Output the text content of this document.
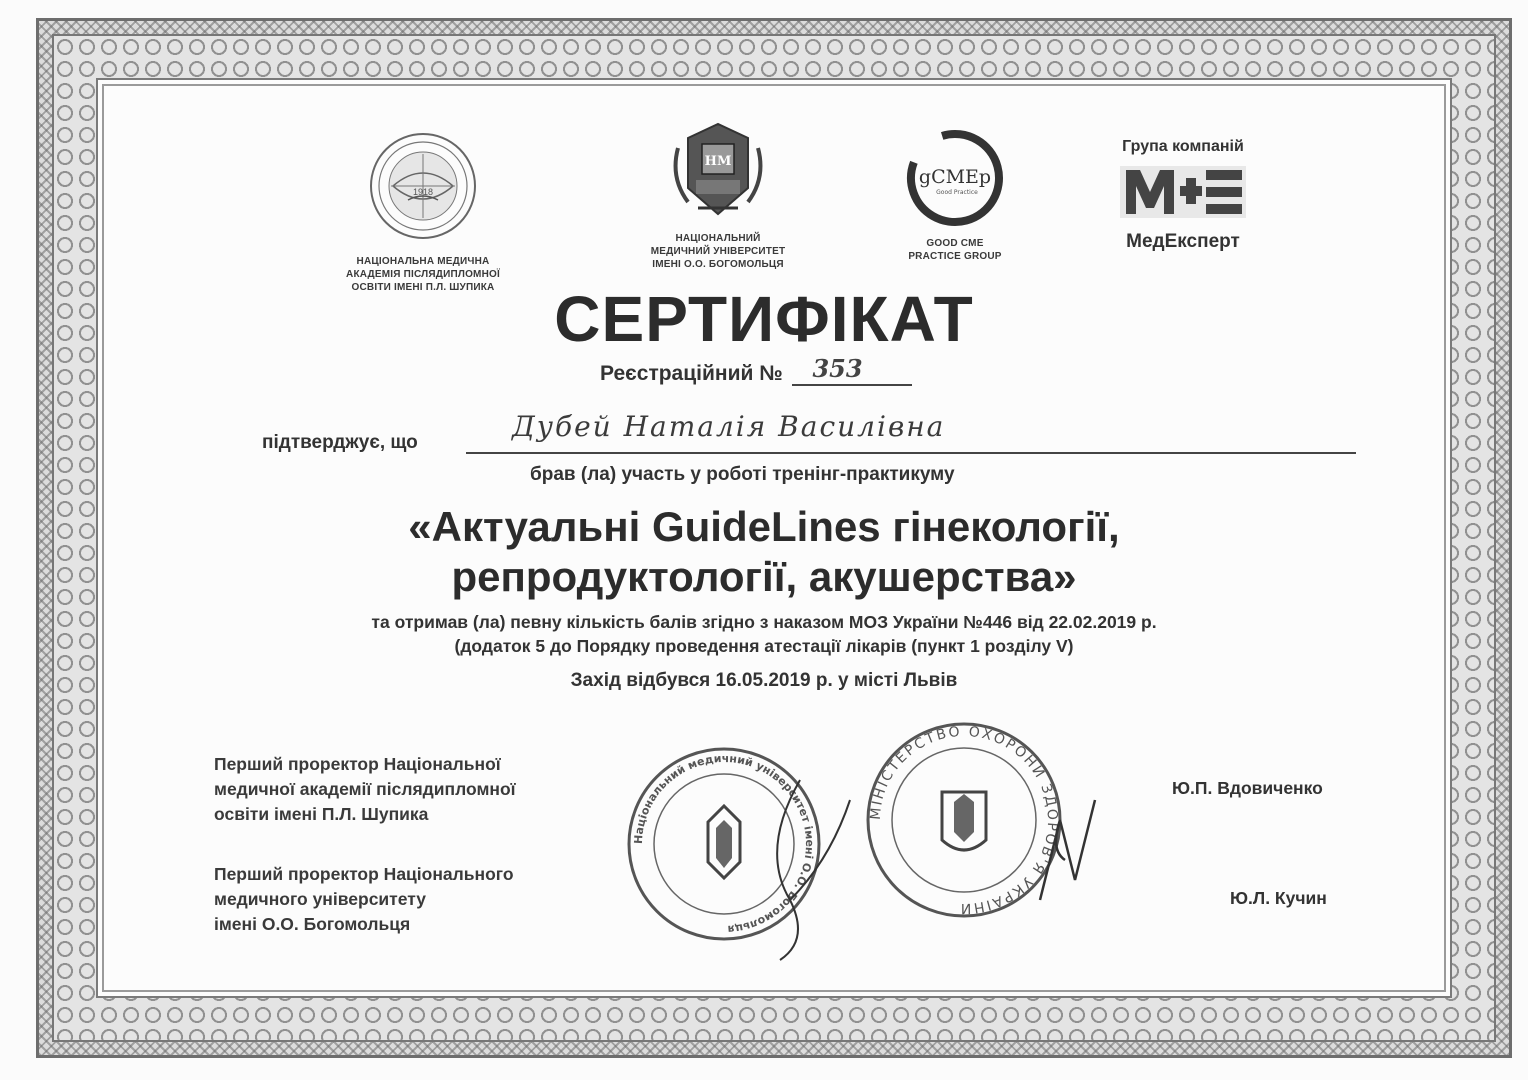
1918
НАЦІОНАЛЬНА МЕДИЧНА
АКАДЕМІЯ ПІСЛЯДИПЛОМНОЇ
ОСВІТИ ІМЕНІ П.Л. ШУПИКА
НМ
НАЦІОНАЛЬНИЙ
МЕДИЧНИЙ УНІВЕРСИТЕТ
ІМЕНІ О.О. БОГОМОЛЬЦЯ
gCMEp
Good Practice
GOOD CME
PRACTICE GROUP
Група компаній
МедЕксперт
СЕРТИФІКАТ
Реєстраційний № 353
підтверджує, що	Дубей Наталія Василівна
брав (ла) участь у роботі тренінг-практикуму
«Актуальні GuideLines гінекології,
репродуктології, акушерства»
та отримав (ла) певну кількість балів згідно з наказом МОЗ України №446 від 22.02.2019 р.
(додаток 5 до Порядку проведення атестації лікарів (пункт 1 розділу V)
Захід відбувся 16.05.2019 р. у місті Львів
Перший проректор Національної
медичної академії післядипломної
освіти імені П.Л. Шупика
Ю.П. Вдовиченко
Перший проректор Національного
медичного університету
імені О.О. Богомольця
Ю.Л. Кучин
Національний медичний університет імені О.О. Богомольця
МІНІСТЕРСТВО ОХОРОНИ ЗДОРОВ'Я УКРАЇНИ
